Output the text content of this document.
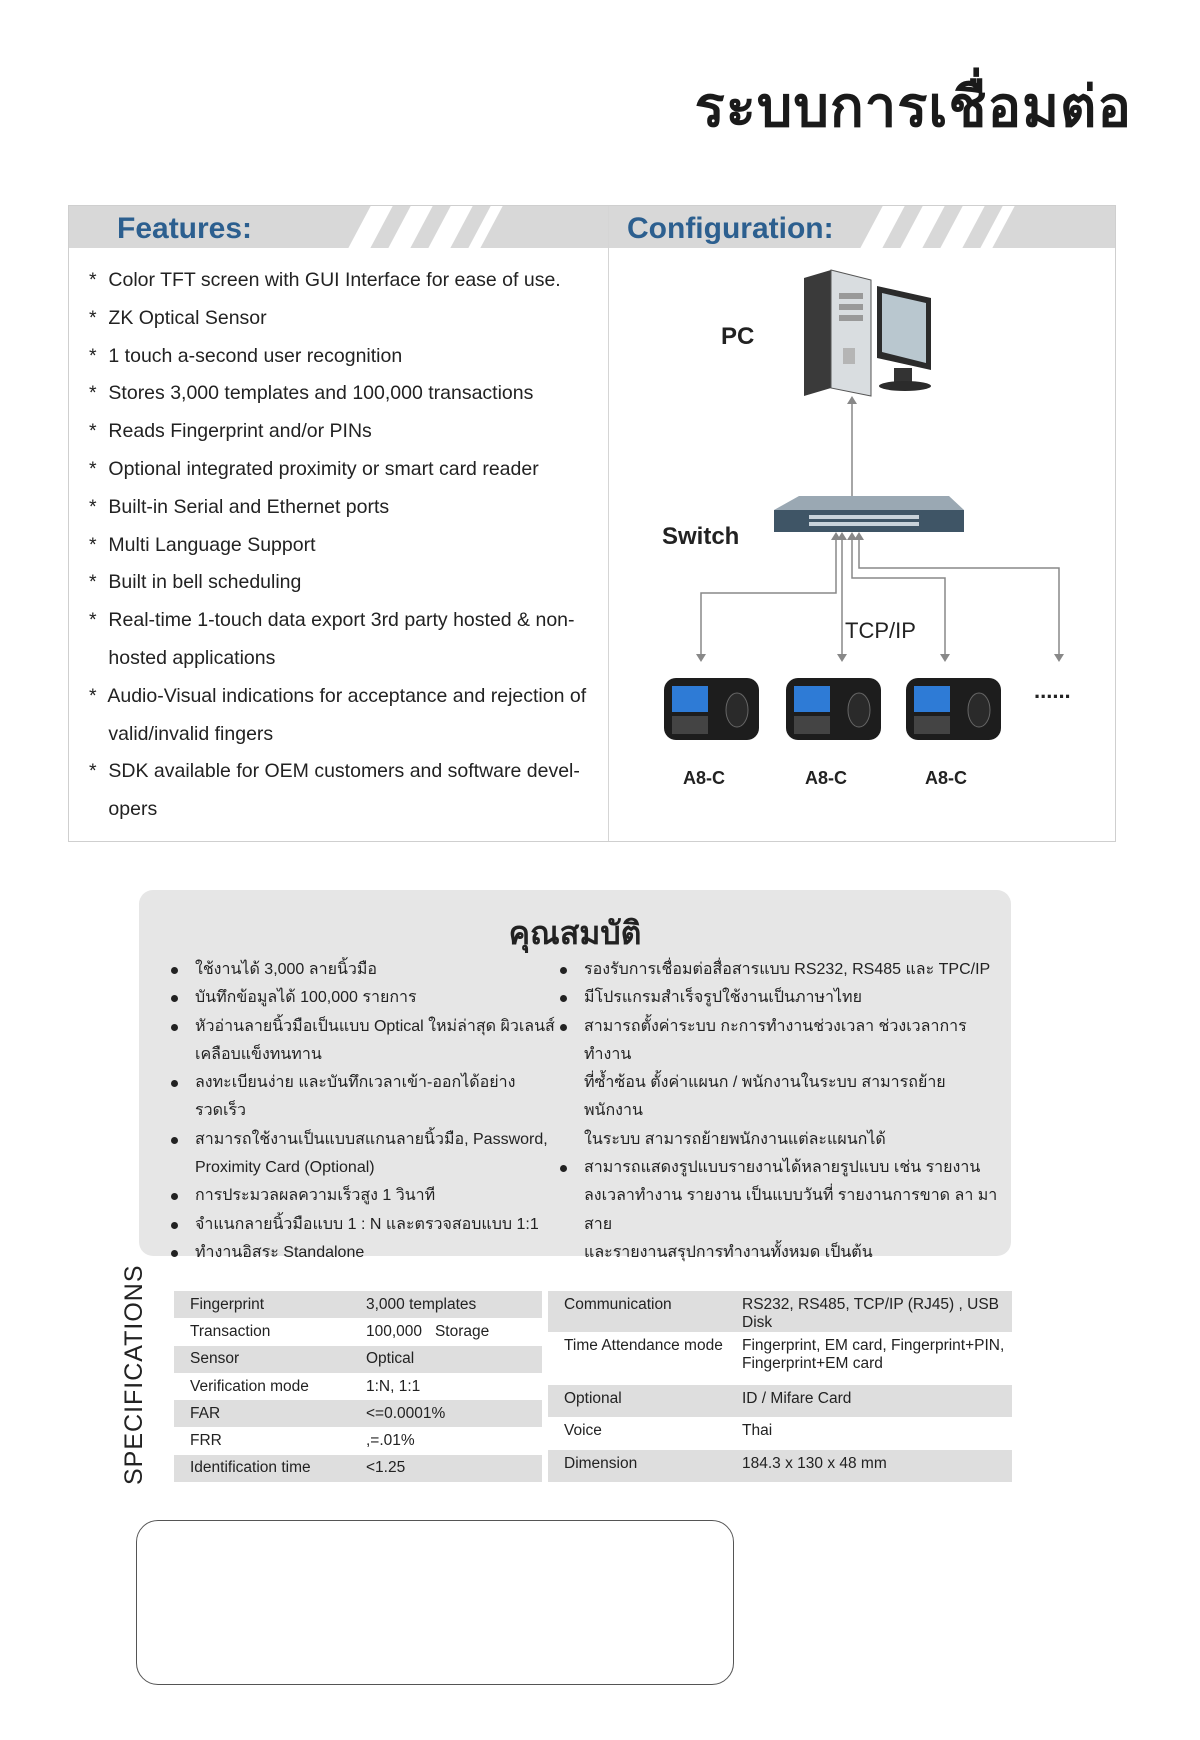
ระบบการเชื่อมต่อ
Features:	Configuration:
* Color TFT screen with GUI Interface for ease of use.
* ZK Optical Sensor
* 1 touch a-second user recognition
* Stores 3,000 templates and 100,000 transactions
* Reads Fingerprint and/or PINs
* Optional integrated proximity or smart card reader
* Built-in Serial and Ethernet ports
* Multi Language Support
* Built in bell scheduling
* Real-time 1-touch data export 3rd party hosted & non-
hosted applications
* Audio-Visual indications for acceptance and rejection of
valid/invalid fingers
* SDK available for OEM customers and software devel-
opers
PC
Switch
TCP/IP
A8-C	A8-C	A8-C
......
คุณสมบัติ
ใช้งานได้ 3,000 ลายนิ้วมือ
บันทึกข้อมูลได้ 100,000 รายการ
หัวอ่านลายนิ้วมือเป็นแบบ Optical ใหม่ล่าสุด ผิวเลนส์
เคลือบแข็งทนทาน
ลงทะเบียนง่าย และบันทึกเวลาเข้า-ออกได้อย่างรวดเร็ว
สามารถใช้งานเป็นแบบสแกนลายนิ้วมือ, Password,
Proximity Card (Optional)
การประมวลผลความเร็วสูง 1 วินาที
จำแนกลายนิ้วมือแบบ 1 : N และตรวจสอบแบบ 1:1
ทำงานอิสระ Standalone
รองรับการเชื่อมต่อสื่อสารแบบ RS232, RS485 และ TPC/IP
มีโปรแกรมสำเร็จรูปใช้งานเป็นภาษาไทย
สามารถตั้งค่าระบบ กะการทำงานช่วงเวลา ช่วงเวลาการทำงาน
ที่ซ้ำซ้อน ตั้งค่าแผนก / พนักงานในระบบ สามารถย้ายพนักงาน
ในระบบ สามารถย้ายพนักงานแต่ละแผนกได้
สามารถแสดงรูปแบบรายงานได้หลายรูปแบบ เช่น รายงาน
ลงเวลาทำงาน รายงาน เป็นแบบวันที่ รายงานการขาด ลา มาสาย
และรายงานสรุปการทำงานทั้งหมด เป็นต้น
SPECIFICATIONS	Fingerprint	3,000 templates
Transaction	100,000   Storage
Sensor	Optical
Verification mode	1:N, 1:1
FAR	<=0.0001%
FRR	,=.01%
Identification time	<1.25
Communication	RS232, RS485, TCP/IP (RJ45) , USB Disk
Time Attendance mode	Fingerprint, EM card, Fingerprint+PIN,
Fingerprint+EM card

Optional	ID / Mifare Card
Voice	Thai
Dimension	184.3 x 130 x 48 mm
